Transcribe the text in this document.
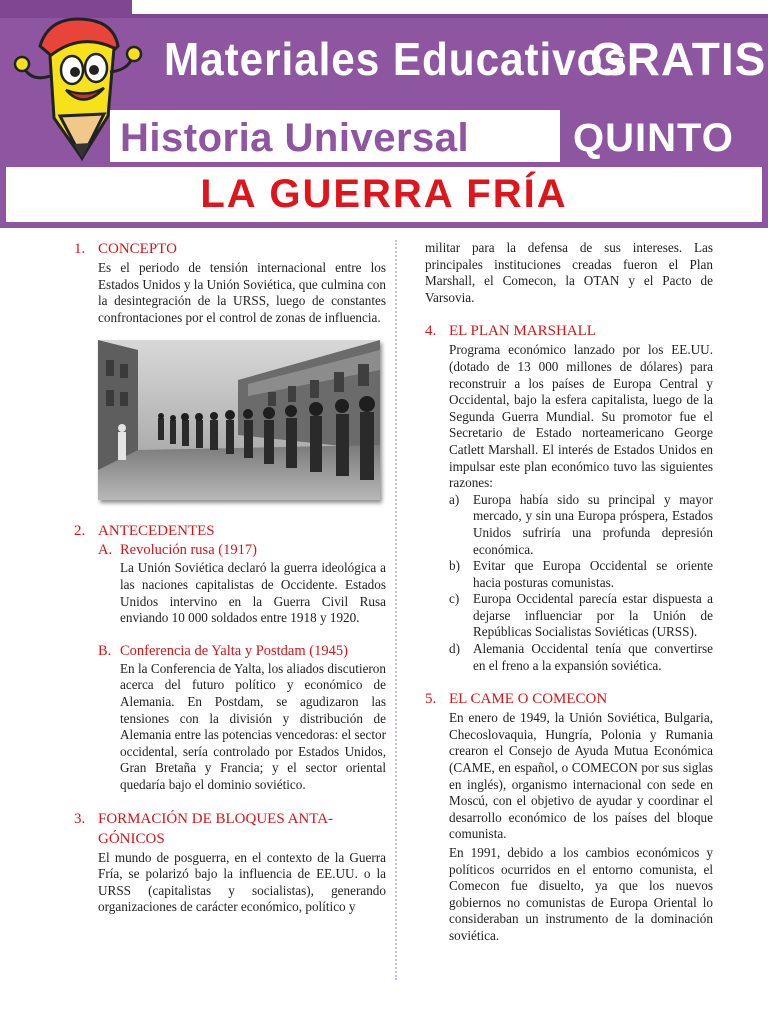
Materiales Educativos
GRATIS
Historia Universal	QUINTO
LA GUERRA FRÍA
1. CONCEPTO

Es el periodo de tensión internacional entre los Estados Unidos y la Unión Soviética, que culmina con la desintegración de la URSS, luego de constantes confrontaciones por el control de zonas de influencia.

2. ANTECEDENTES
A. Revolución rusa (1917)

La Unión Soviética declaró la guerra ideológica a las naciones capitalistas de Occidente. Estados Unidos intervino en la Guerra Civil Rusa enviando 10 000 soldados entre 1918 y 1920.

B. Conferencia de Yalta y Postdam (1945)

En la Conferencia de Yalta, los aliados discutieron acerca del futuro político y económico de Alemania. En Postdam, se agudizaron las tensiones con la división y distribución de Alemania entre las potencias vencedoras: el sector occidental, sería controlado por Estados Unidos, Gran Bretaña y Francia; y el sector oriental quedaría bajo el dominio soviético.

3. FORMACIÓN DE BLOQUES ANTA-
GÓNICOS

El mundo de posguerra, en el contexto de la Guerra Fría, se polarizó bajo la influencia de EE.UU. o la URSS (capitalistas y socialistas), generando organizaciones de carácter económico, político y

militar para la defensa de sus intereses. Las principales instituciones creadas fueron el Plan Marshall, el Comecon, la OTAN y el Pacto de Varsovia.

4. EL PLAN MARSHALL

Programa económico lanzado por los EE.UU. (dotado de 13 000 millones de dólares) para reconstruir a los países de Europa Central y Occidental, bajo la esfera capitalista, luego de la Segunda Guerra Mundial. Su promotor fue el Secretario de Estado norteamericano George Catlett Marshall. El interés de Estados Unidos en impulsar este plan económico tuvo las siguientes razones:

a) Europa había sido su principal y mayor mercado, y sin una Europa próspera, Estados Unidos sufriría una profunda depresión económica.
b) Evitar que Europa Occidental se oriente hacia posturas comunistas.
c) Europa Occidental parecía estar dispuesta a dejarse influenciar por la Unión de Repúblicas Socialistas Soviéticas (URSS).
d) Alemania Occidental tenía que convertirse en el freno a la expansión soviética.
5. EL CAME O COMECON

En enero de 1949, la Unión Soviética, Bulgaria, Checoslovaquia, Hungría, Polonia y Rumania crearon el Consejo de Ayuda Mutua Económica (CAME, en español, o COMECON por sus siglas en inglés), organismo internacional con sede en Moscú, con el objetivo de ayudar y coordinar el desarrollo económico de los países del bloque comunista.

En 1991, debido a los cambios económicos y políticos ocurridos en el entorno comunista, el Comecon fue disuelto, ya que los nuevos gobiernos no comunistas de Europa Oriental lo consideraban un instrumento de la dominación soviética.
